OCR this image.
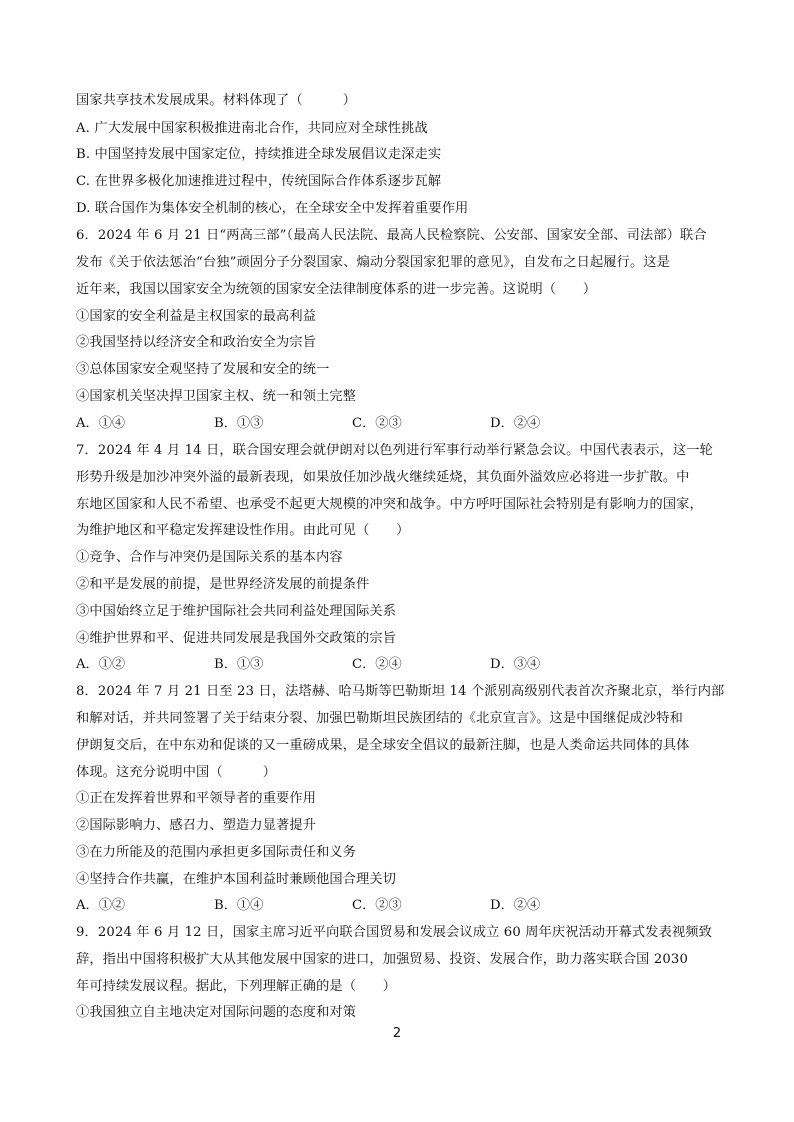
国家共享技术发展成果。材料体现了（　　　）
A. 广大发展中国家积极推进南北合作，共同应对全球性挑战
B. 中国坚持发展中国家定位，持续推进全球发展倡议走深走实
C. 在世界多极化加速推进过程中，传统国际合作体系逐步瓦解
D. 联合国作为集体安全机制的核心，在全球安全中发挥着重要作用
6．2024 年 6 月 21 日“两高三部”（最高人民法院、最高人民检察院、公安部、国家安全部、司法部）联合
发布《关于依法惩治“台独”顽固分子分裂国家、煽动分裂国家犯罪的意见》，自发布之日起履行。这是
近年来，我国以国家安全为统领的国家安全法律制度体系的进一步完善。这说明（　　）
①国家的安全利益是主权国家的最高利益
②我国坚持以经济安全和政治安全为宗旨
③总体国家安全观坚持了发展和安全的统一
④国家机关坚决捍卫国家主权、统一和领土完整
A．①④	B．①③	C．②③	D．②④
7．2024 年 4 月 14 日，联合国安理会就伊朗对以色列进行军事行动举行紧急会议。中国代表表示，这一轮
形势升级是加沙冲突外溢的最新表现，如果放任加沙战火继续延烧，其负面外溢效应必将进一步扩散。中
东地区国家和人民不希望、也承受不起更大规模的冲突和战争。中方呼吁国际社会特别是有影响力的国家，
为维护地区和平稳定发挥建设性作用。由此可见（　　）
①竞争、合作与冲突仍是国际关系的基本内容
②和平是发展的前提，是世界经济发展的前提条件
③中国始终立足于维护国际社会共同利益处理国际关系
④维护世界和平、促进共同发展是我国外交政策的宗旨
A．①②	B．①③	C．②④	D．③④
8．2024 年 7 月 21 日至 23 日，法塔赫、哈马斯等巴勒斯坦 14 个派别高级别代表首次齐聚北京，举行内部
和解对话，并共同签署了关于结束分裂、加强巴勒斯坦民族团结的《北京宣言》。这是中国继促成沙特和
伊朗复交后，在中东劝和促谈的又一重磅成果，是全球安全倡议的最新注脚，也是人类命运共同体的具体
体现。这充分说明中国（　　　）
①正在发挥着世界和平领导者的重要作用
②国际影响力、感召力、塑造力显著提升
③在力所能及的范围内承担更多国际责任和义务
④坚持合作共赢，在维护本国利益时兼顾他国合理关切
A．①②	B．①④	C．②③	D．②④
9．2024 年 6 月 12 日，国家主席习近平向联合国贸易和发展会议成立 60 周年庆祝活动开幕式发表视频致
辞，指出中国将积极扩大从其他发展中国家的进口，加强贸易、投资、发展合作，助力落实联合国 2030
年可持续发展议程。据此，下列理解正确的是（　　）
①我国独立自主地决定对国际问题的态度和对策
2
